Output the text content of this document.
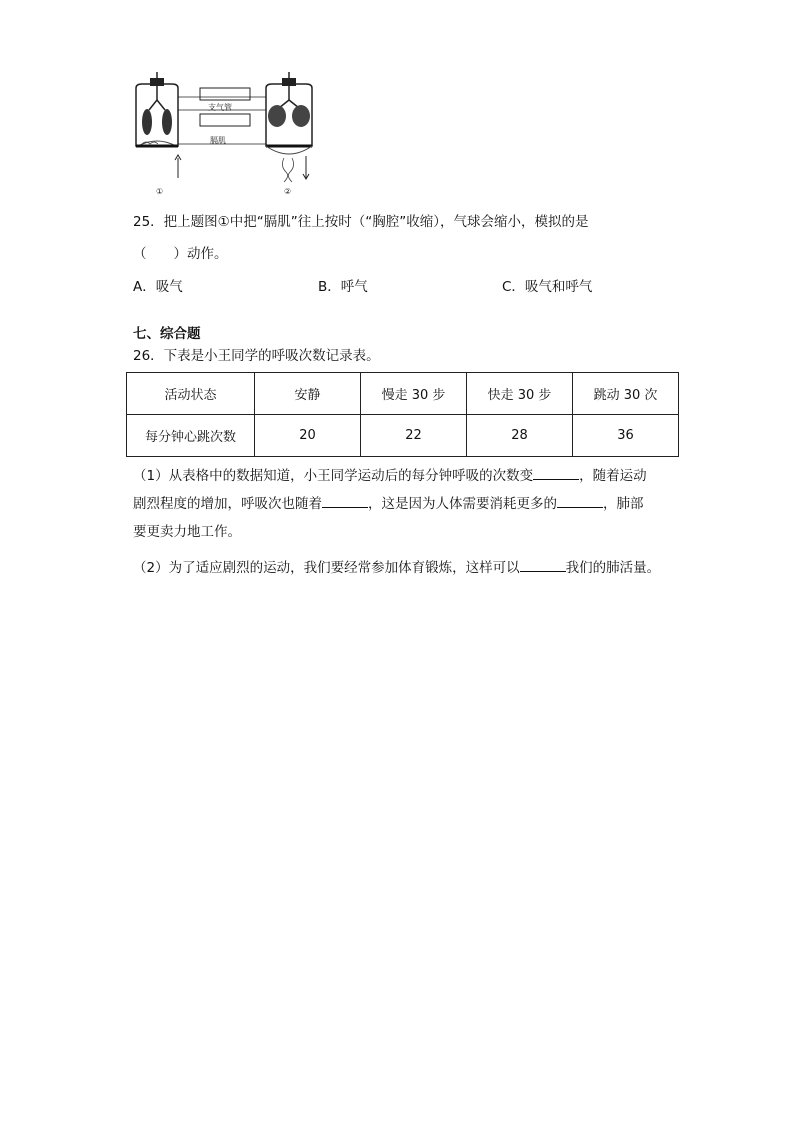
支气管
膈肌
①	②
25．把上题图①中把“膈肌”往上按时（“胸腔”收缩），气球会缩小，模拟的是
（　　）动作。
A．吸气	B．呼气	C．吸气和呼气
七、综合题
26．下表是小王同学的呼吸次数记录表。
活动状态	安静	慢走 30 步	快走 30 步	跳动 30 次
每分钟心跳次数	20	22	28	36
（1）从表格中的数据知道，小王同学运动后的每分钟呼吸的次数变	，随着运动
剧烈程度的增加，呼吸次也随着	，这是因为人体需要消耗更多的	，肺部
要更卖力地工作。
（2）为了适应剧烈的运动，我们要经常参加体育锻炼，这样可以	我们的肺活量。
